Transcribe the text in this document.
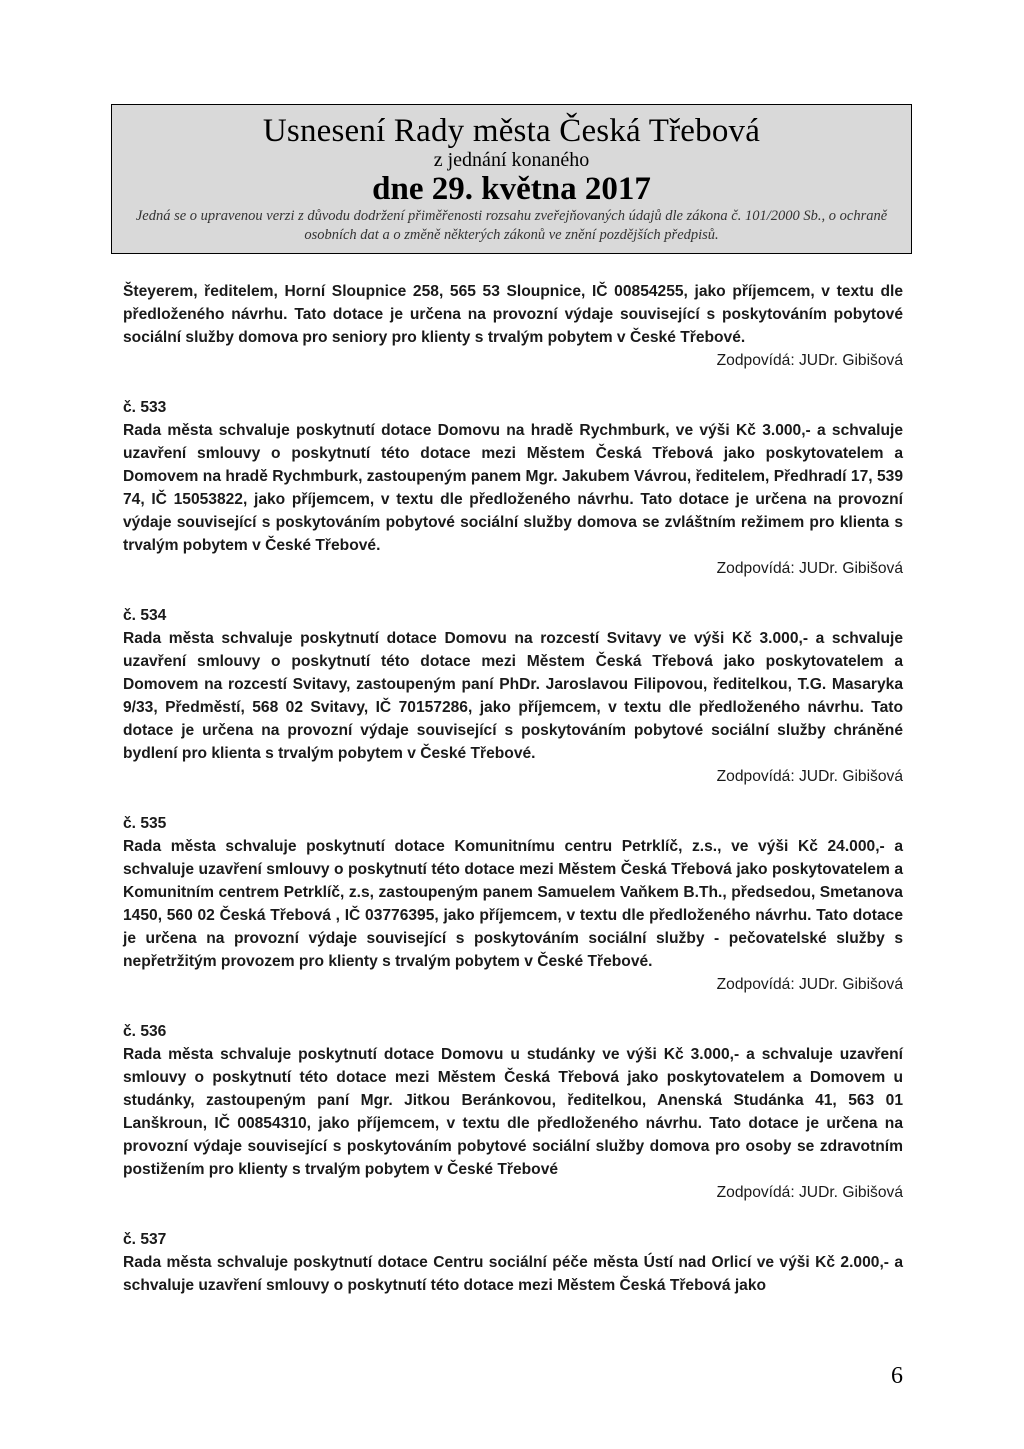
Usnesení Rady města Česká Třebová
z jednání konaného
dne 29. května 2017
Jedná se o upravenou verzi z důvodu dodržení přiměřenosti rozsahu zveřejňovaných údajů dle zákona č. 101/2000 Sb., o ochraně osobních dat a o změně některých zákonů ve znění pozdějších předpisů.

Šteyerem, ředitelem, Horní Sloupnice 258, 565 53 Sloupnice, IČ 00854255, jako příjemcem, v textu dle předloženého návrhu. Tato dotace je určena na provozní výdaje související s poskytováním pobytové sociální služby domova pro seniory pro klienty s trvalým pobytem v České Třebové.

Zodpovídá: JUDr. Gibišová

č. 533

Rada města schvaluje poskytnutí dotace Domovu na hradě Rychmburk, ve výši Kč 3.000,- a schvaluje uzavření smlouvy o poskytnutí této dotace mezi Městem Česká Třebová jako poskytovatelem a Domovem na hradě Rychmburk, zastoupeným panem Mgr. Jakubem Vávrou, ředitelem, Předhradí 17, 539 74, IČ 15053822, jako příjemcem, v textu dle předloženého návrhu. Tato dotace je určena na provozní výdaje související s poskytováním pobytové sociální služby domova se zvláštním režimem pro klienta s trvalým pobytem v České Třebové.

Zodpovídá: JUDr. Gibišová

č. 534

Rada města schvaluje poskytnutí dotace Domovu na rozcestí Svitavy ve výši Kč 3.000,- a schvaluje uzavření smlouvy o poskytnutí této dotace mezi Městem Česká Třebová jako poskytovatelem a Domovem na rozcestí Svitavy, zastoupeným paní PhDr. Jaroslavou Filipovou, ředitelkou, T.G. Masaryka 9/33, Předměstí, 568 02 Svitavy, IČ 70157286, jako příjemcem, v textu dle předloženého návrhu. Tato dotace je určena na provozní výdaje související s poskytováním pobytové sociální služby chráněné bydlení pro klienta s trvalým pobytem v České Třebové.

Zodpovídá: JUDr. Gibišová

č. 535

Rada města schvaluje poskytnutí dotace Komunitnímu centru Petrklíč, z.s., ve výši Kč 24.000,- a schvaluje uzavření smlouvy o poskytnutí této dotace mezi Městem Česká Třebová jako poskytovatelem a Komunitním centrem Petrklíč, z.s, zastoupeným panem Samuelem Vaňkem B.Th., předsedou, Smetanova 1450, 560 02 Česká Třebová , IČ 03776395, jako příjemcem, v textu dle předloženého návrhu. Tato dotace je určena na provozní výdaje související s poskytováním sociální služby - pečovatelské služby s nepřetržitým provozem pro klienty s trvalým pobytem v České Třebové.

Zodpovídá: JUDr. Gibišová

č. 536

Rada města schvaluje poskytnutí dotace Domovu u studánky ve výši Kč 3.000,- a schvaluje uzavření smlouvy o poskytnutí této dotace mezi Městem Česká Třebová jako poskytovatelem a Domovem u studánky, zastoupeným paní Mgr. Jitkou Beránkovou, ředitelkou, Anenská Studánka 41, 563 01 Lanškroun, IČ 00854310, jako příjemcem, v textu dle předloženého návrhu. Tato dotace je určena na provozní výdaje související s poskytováním pobytové sociální služby domova pro osoby se zdravotním postižením pro klienty s trvalým pobytem v České Třebové

Zodpovídá: JUDr. Gibišová

č. 537

Rada města schvaluje poskytnutí dotace Centru sociální péče města Ústí nad Orlicí ve výši Kč 2.000,- a schvaluje uzavření smlouvy o poskytnutí této dotace mezi Městem Česká Třebová jako

6
